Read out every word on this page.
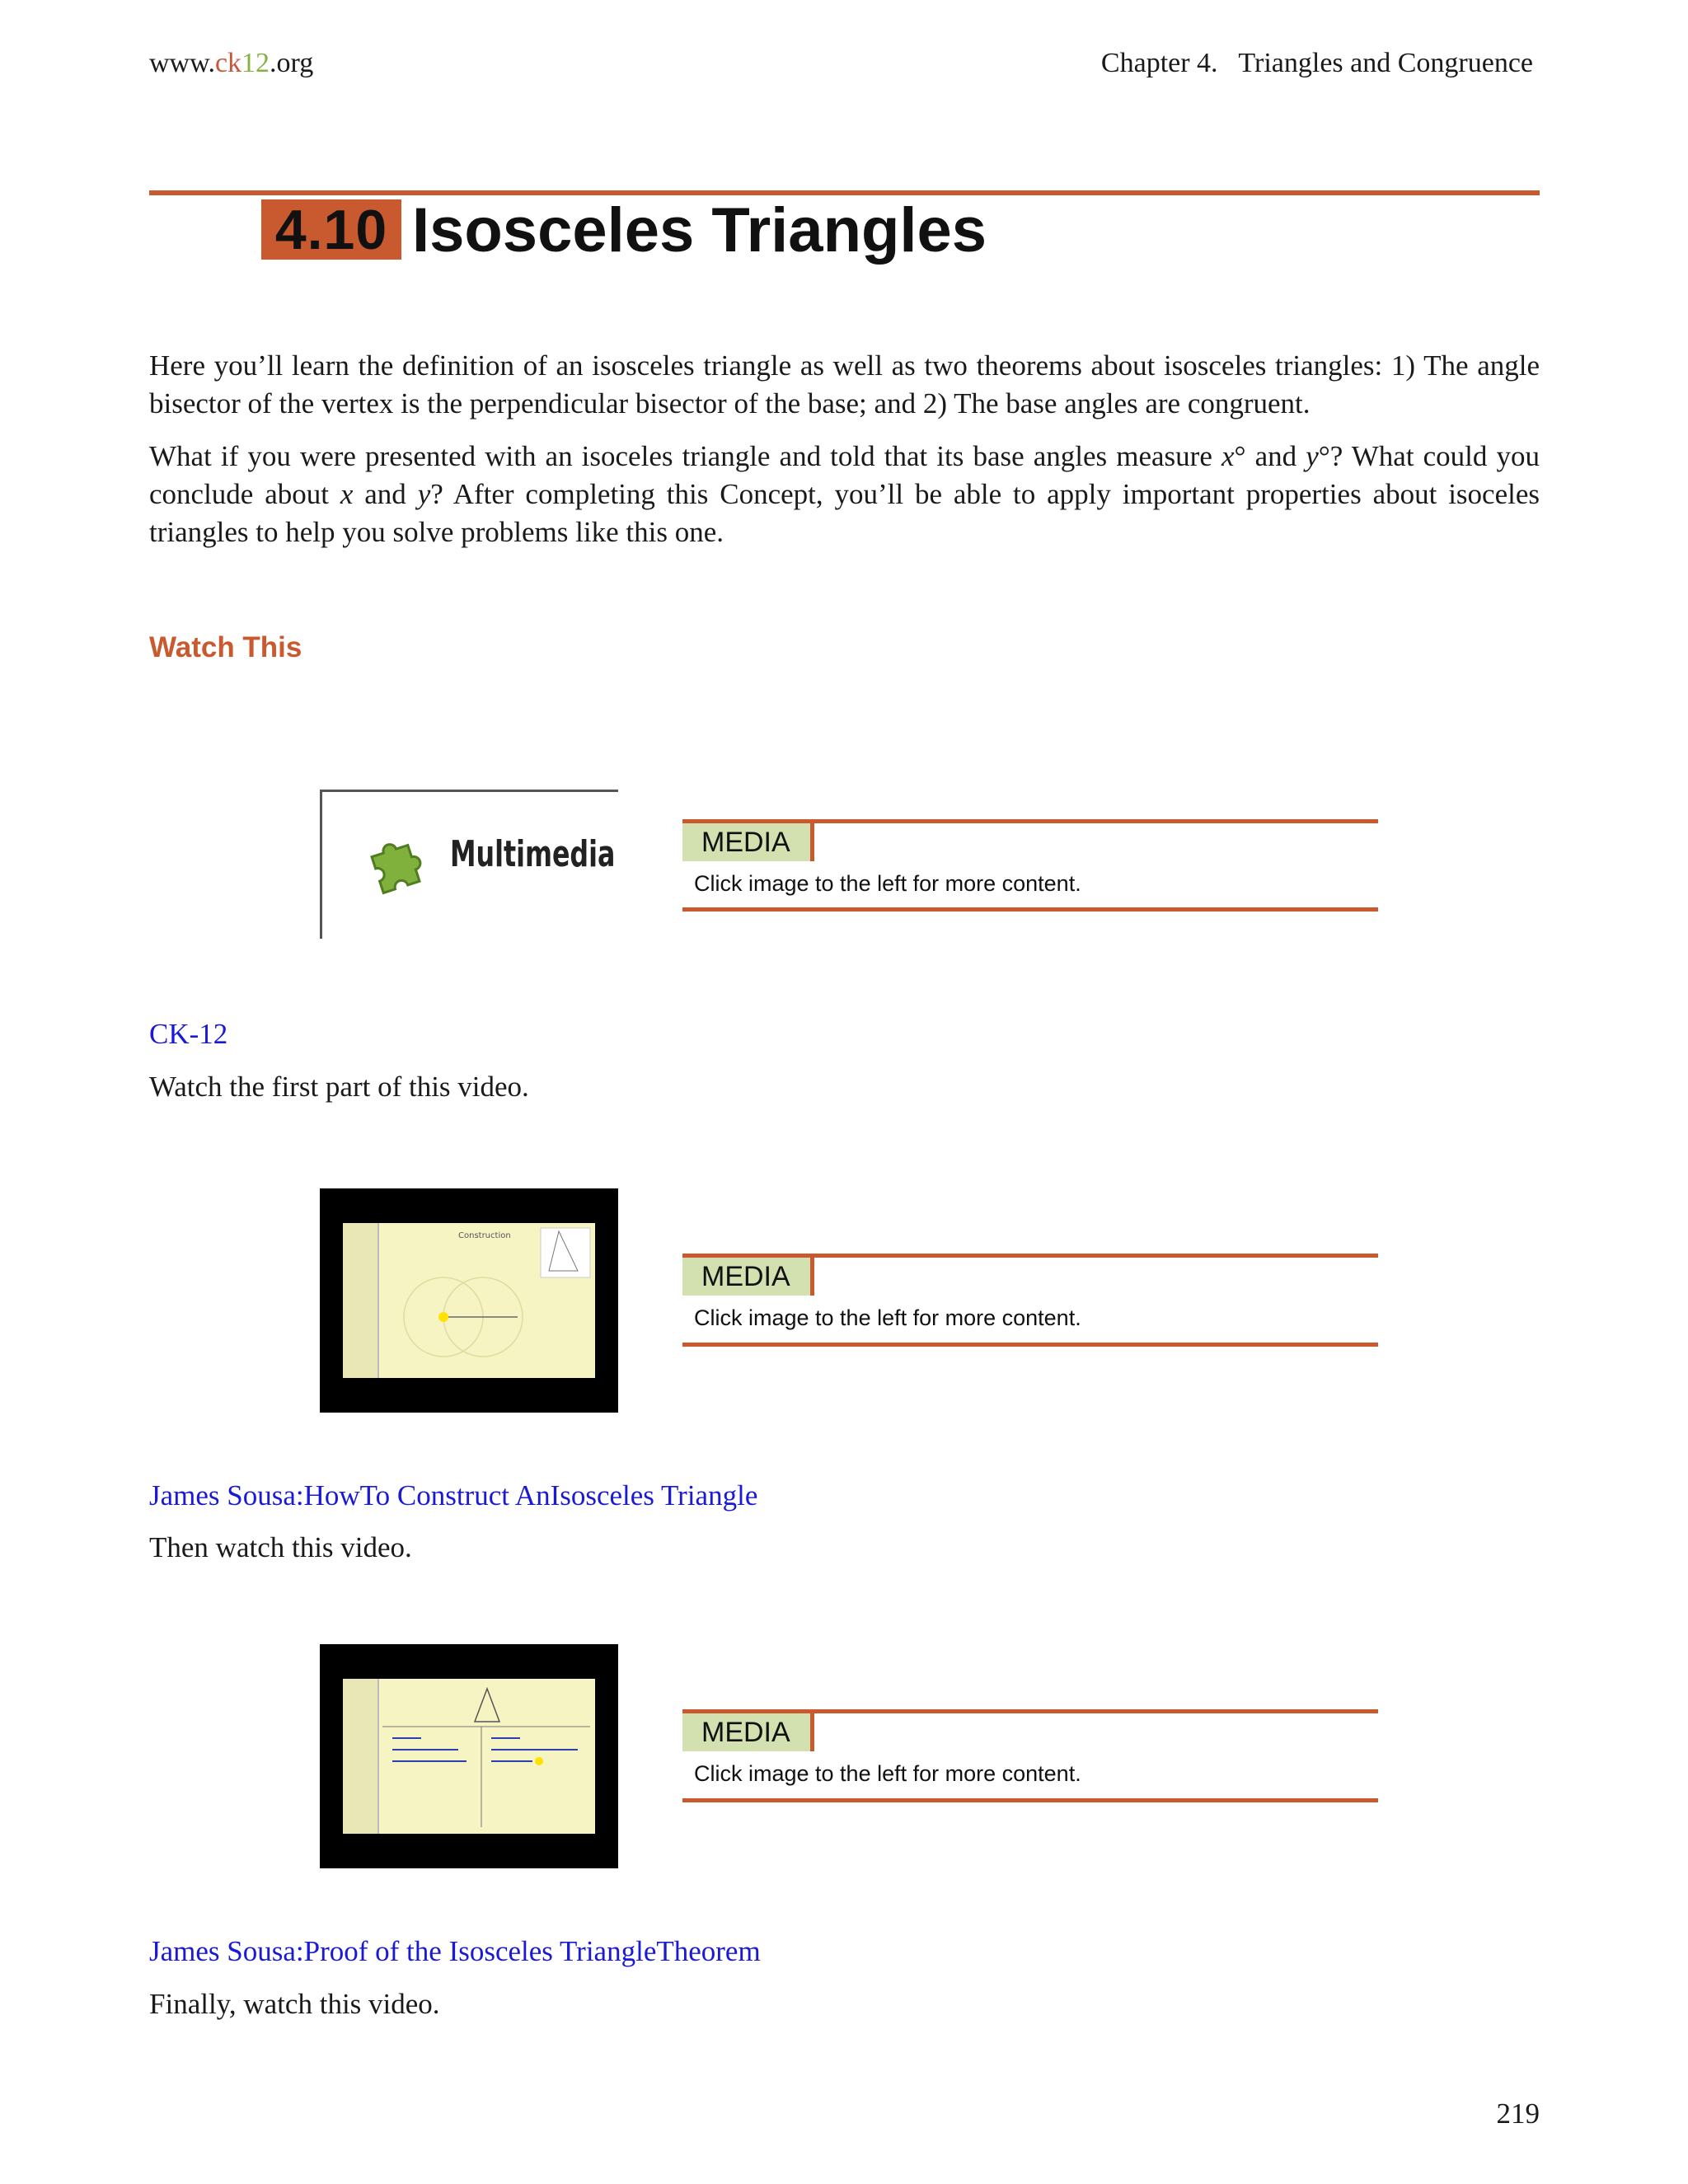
www.ck12.org	Chapter 4.   Triangles and Congruence
4.10 Isosceles Triangles

Here you’ll learn the definition of an isosceles triangle as well as two theorems about isosceles triangles: 1) The angle bisector of the vertex is the perpendicular bisector of the base; and 2) The base angles are congruent.

What if you were presented with an isoceles triangle and told that its base angles measure x° and y°? What could you conclude about x and y? After completing this Concept, you’ll be able to apply important properties about isoceles triangles to help you solve problems like this one.

Watch This
Multimedia	MEDIA
Click image to the left for more content.
CK-12
Watch the first part of this video.
Construction
MEDIA
Click image to the left for more content.
James Sousa:HowTo Construct AnIsosceles Triangle
Then watch this video.
MEDIA
Click image to the left for more content.
James Sousa:Proof of the Isosceles TriangleTheorem
Finally, watch this video.
219
